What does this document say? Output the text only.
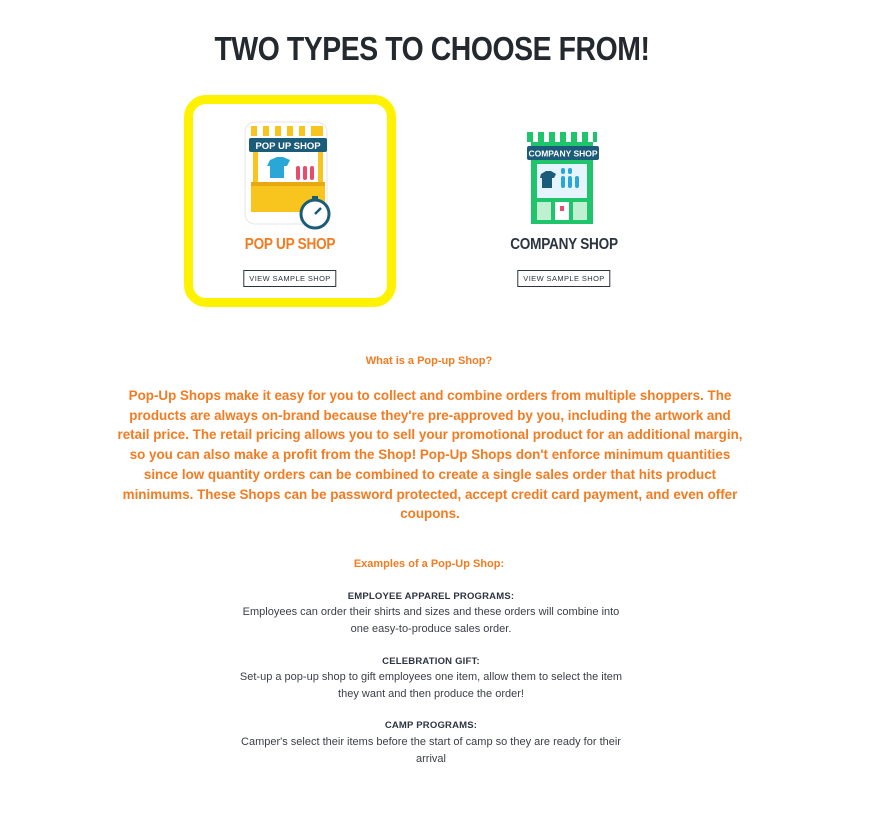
TWO TYPES TO CHOOSE FROM!
POP UP SHOP
POP UP SHOP
VIEW SAMPLE SHOP
COMPANY SHOP
COMPANY SHOP
VIEW SAMPLE SHOP
What is a Pop-up Shop?

Pop-Up Shops make it easy for you to collect and combine orders from multiple shoppers. The products are always on-brand because they're pre-approved by you, including the artwork and retail price. The retail pricing allows you to sell your promotional product for an additional margin, so you can also make a profit from the Shop! Pop-Up Shops don't enforce minimum quantities since low quantity orders can be combined to create a single sales order that hits product minimums. These Shops can be password protected, accept credit card payment, and even offer coupons.

Examples of a Pop-Up Shop:
EMPLOYEE APPAREL PROGRAMS:

Employees can order their shirts and sizes and these orders will combine into one easy-to-produce sales order.

CELEBRATION GIFT:

Set-up a pop-up shop to gift employees one item, allow them to select the item they want and then produce the order!

CAMP PROGRAMS:

Camper's select their items before the start of camp so they are ready for their arrival
